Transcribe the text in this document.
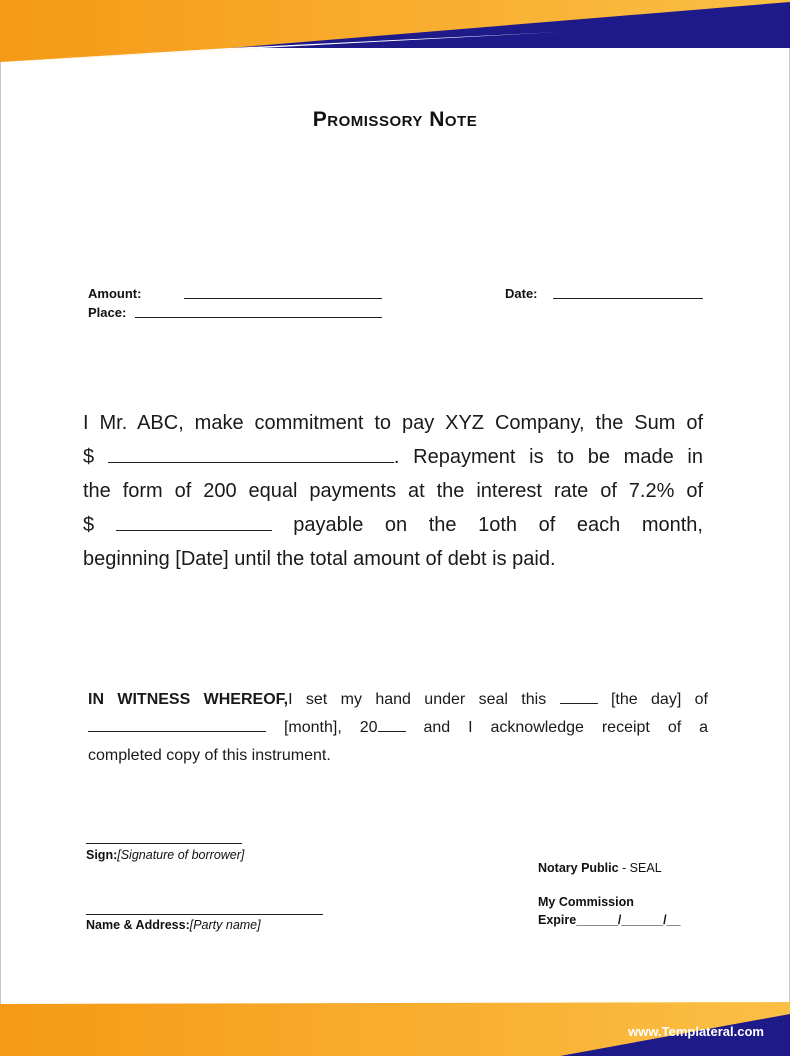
Promissory Note
Amount:
Place:
Date:
I Mr. ABC, make commitment to pay XYZ Company, the Sum of
$	. Repayment is to be made in
the form of 200 equal payments at the interest rate of 7.2% of
$	payable on the 1oth of each month,
beginning [Date] until the total amount of debt is paid.
IN WITNESS WHEREOF,I set my hand under seal this	[the day] of
[month], 20	and I acknowledge receipt of a
completed copy of this instrument.
Sign:[Signature of borrower]
Name & Address:[Party name]
Notary Public - SEAL
My Commission
Expire______/______/__
www.Templateral.com
